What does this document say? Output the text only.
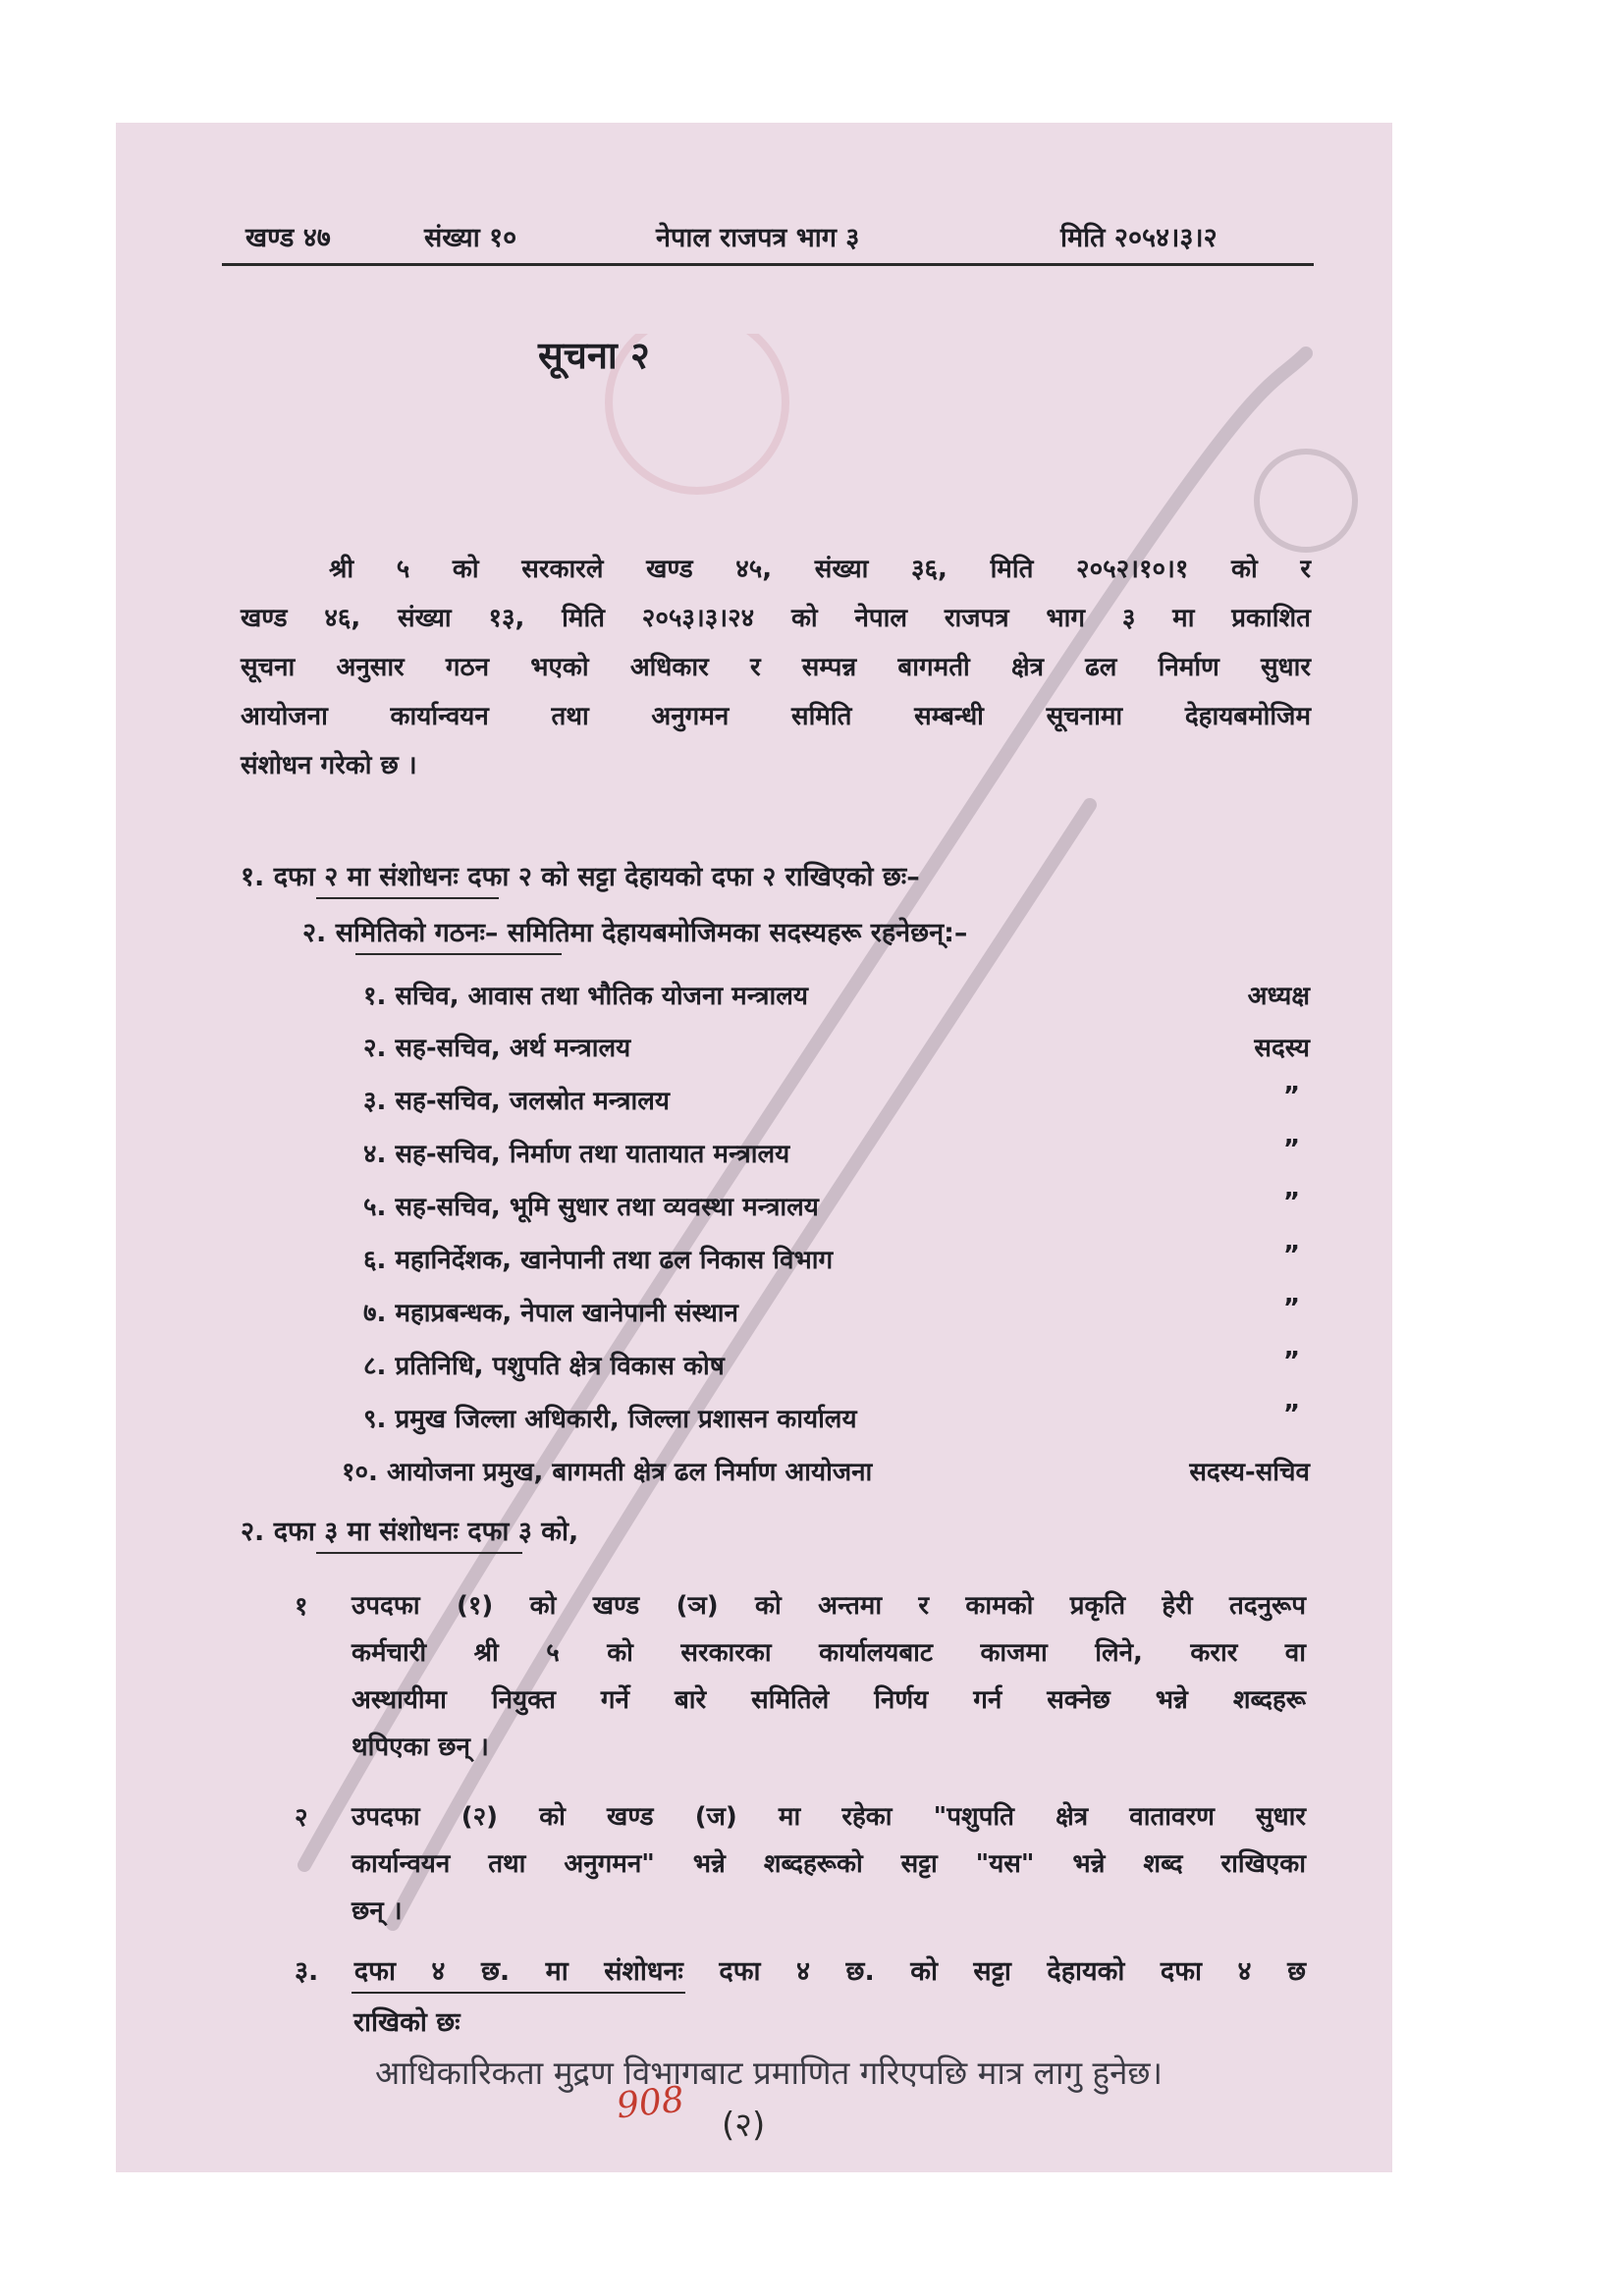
खण्ड ४७	संख्या १०	नेपाल राजपत्र भाग ३	मिति २०५४।३।२
सूचना २

श्री ५ को सरकारले खण्ड ४५, संख्या ३६, मिति २०५२।१०।१ को र

खण्ड ४६, संख्या १३, मिति २०५३।३।२४ को नेपाल राजपत्र भाग ३ मा प्रकाशित

सूचना अनुसार गठन भएको अधिकार र सम्पन्न बागमती क्षेत्र ढल निर्माण सुधार

आयोजना कार्यान्वयन तथा अनुगमन समिति सम्बन्धी सूचनामा देहायबमोजिम

संशोधन गरेको छ ।

१. दफा २ मा संशोधनः दफा २ को सट्टा देहायको दफा २ राखिएको छः–
२. समितिको गठनः– समितिमा देहायबमोजिमका सदस्यहरू रहनेछन्:–
१. सचिव, आवास तथा भौतिक योजना मन्त्रालय	अध्यक्ष
२. सह-सचिव, अर्थ मन्त्रालय	सदस्य
३. सह-सचिव, जलस्रोत मन्त्रालय	”
४. सह-सचिव, निर्माण तथा यातायात मन्त्रालय	”
५. सह-सचिव, भूमि सुधार तथा व्यवस्था मन्त्रालय	”
६. महानिर्देशक, खानेपानी तथा ढल निकास विभाग	”
७. महाप्रबन्धक, नेपाल खानेपानी संस्थान	”
८. प्रतिनिधि, पशुपति क्षेत्र विकास कोष	”
९. प्रमुख जिल्ला अधिकारी, जिल्ला प्रशासन कार्यालय	”
१०. आयोजना प्रमुख, बागमती क्षेत्र ढल निर्माण आयोजना	सदस्य-सचिव
२. दफा ३ मा संशोधनः दफा ३ को,
१ उपदफा (१) को खण्ड (ञ) को अन्तमा र कामको प्रकृति हेरी तदनुरूप

कर्मचारी श्री ५ को सरकारका कार्यालयबाट काजमा लिने, करार वा

अस्थायीमा नियुक्त गर्ने बारे समितिले निर्णय गर्न सक्नेछ भन्ने शब्दहरू

थपिएका छन् ।

२ उपदफा (२) को खण्ड (ज) मा रहेका "पशुपति क्षेत्र वातावरण सुधार

कार्यान्वयन तथा अनुगमन" भन्ने शब्दहरूको सट्टा "यस" भन्ने शब्द राखिएका

छन् ।

३. दफा ४ छ. मा संशोधनः दफा ४ छ. को सट्टा देहायको दफा ४ छ
राखिको छः
आधिकारिकता मुद्रण विभागबाट प्रमाणित गरिएपछि मात्र लागु हुनेछ।
(२)
908
